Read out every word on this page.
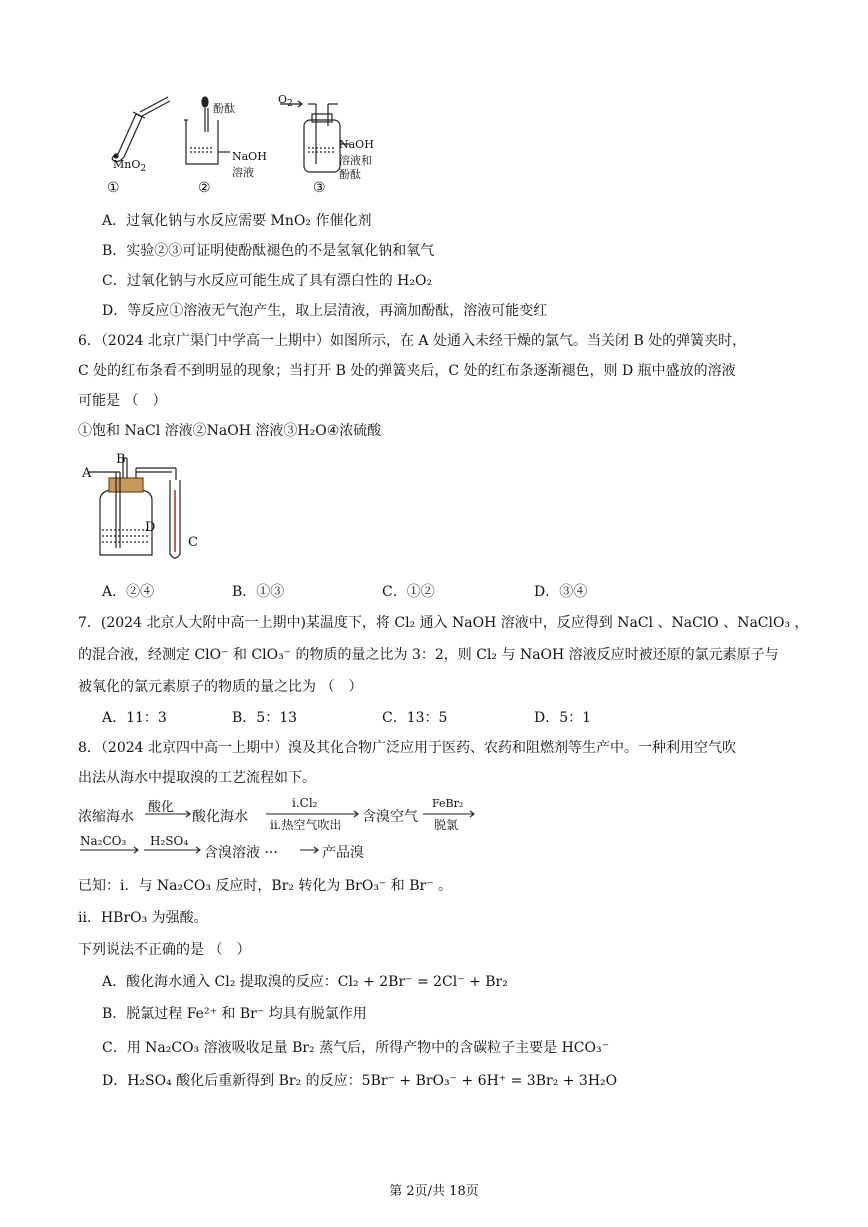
MnO$_2$
酚酞
NaOH
溶液
$O_2$
NaOH
溶液和
酚酞
①	②	③
A．过氧化钠与水反应需要 MnO₂ 作催化剂
B．实验②③可证明使酚酞褪色的不是氢氧化钠和氧气
C．过氧化钠与水反应可能生成了具有漂白性的 H₂O₂
D．等反应①溶液无气泡产生，取上层清液，再滴加酚酞，溶液可能变红
6．（2024 北京广渠门中学高一上期中）如图所示，在 A 处通入未经干燥的氯气。当关闭 B 处的弹簧夹时，
C 处的红布条看不到明显的现象；当打开 B 处的弹簧夹后，C 处的红布条逐渐褪色，则 D 瓶中盛放的溶液
可能是 （　）
①饱和 NaCl 溶液②NaOH 溶液③H₂O④浓硫酸
A
B
D
C
A．②④	B．①③	C．①②	D．③④
7．(2024 北京人大附中高一上期中)某温度下，将 Cl₂ 通入 NaOH 溶液中，反应得到 NaCl 、NaClO 、NaClO₃ ，
的混合液，经测定 ClO⁻ 和 ClO₃⁻ 的物质的量之比为 3：2，则 Cl₂ 与 NaOH 溶液反应时被还原的氯元素原子与
被氧化的氯元素原子的物质的量之比为 （　）
A．11：3	B．5：13	C．13：5	D．5：1
8．（2024 北京四中高一上期中）溴及其化合物广泛应用于医药、农药和阻燃剂等生产中。一种利用空气吹
出法从海水中提取溴的工艺流程如下。
浓缩海水
酸化
酸化海水
i.Cl₂
ii.热空气吹出 含溴空气
FeBr₂
脱氯
Na₂CO₃ H₂SO₄
含溴溶液 ···	产品溴
已知：i．与 Na₂CO₃ 反应时，Br₂ 转化为 BrO₃⁻ 和 Br⁻ 。
ii．HBrO₃ 为强酸。
下列说法不正确的是 （　）
A．酸化海水通入 Cl₂ 提取溴的反应：Cl₂ + 2Br⁻ = 2Cl⁻ + Br₂
B．脱氯过程 Fe²⁺ 和 Br⁻ 均具有脱氯作用
C．用 Na₂CO₃ 溶液吸收足量 Br₂ 蒸气后，所得产物中的含碳粒子主要是 HCO₃⁻
D．H₂SO₄ 酸化后重新得到 Br₂ 的反应：5Br⁻ + BrO₃⁻ + 6H⁺ = 3Br₂ + 3H₂O
第 2页/共 18页
